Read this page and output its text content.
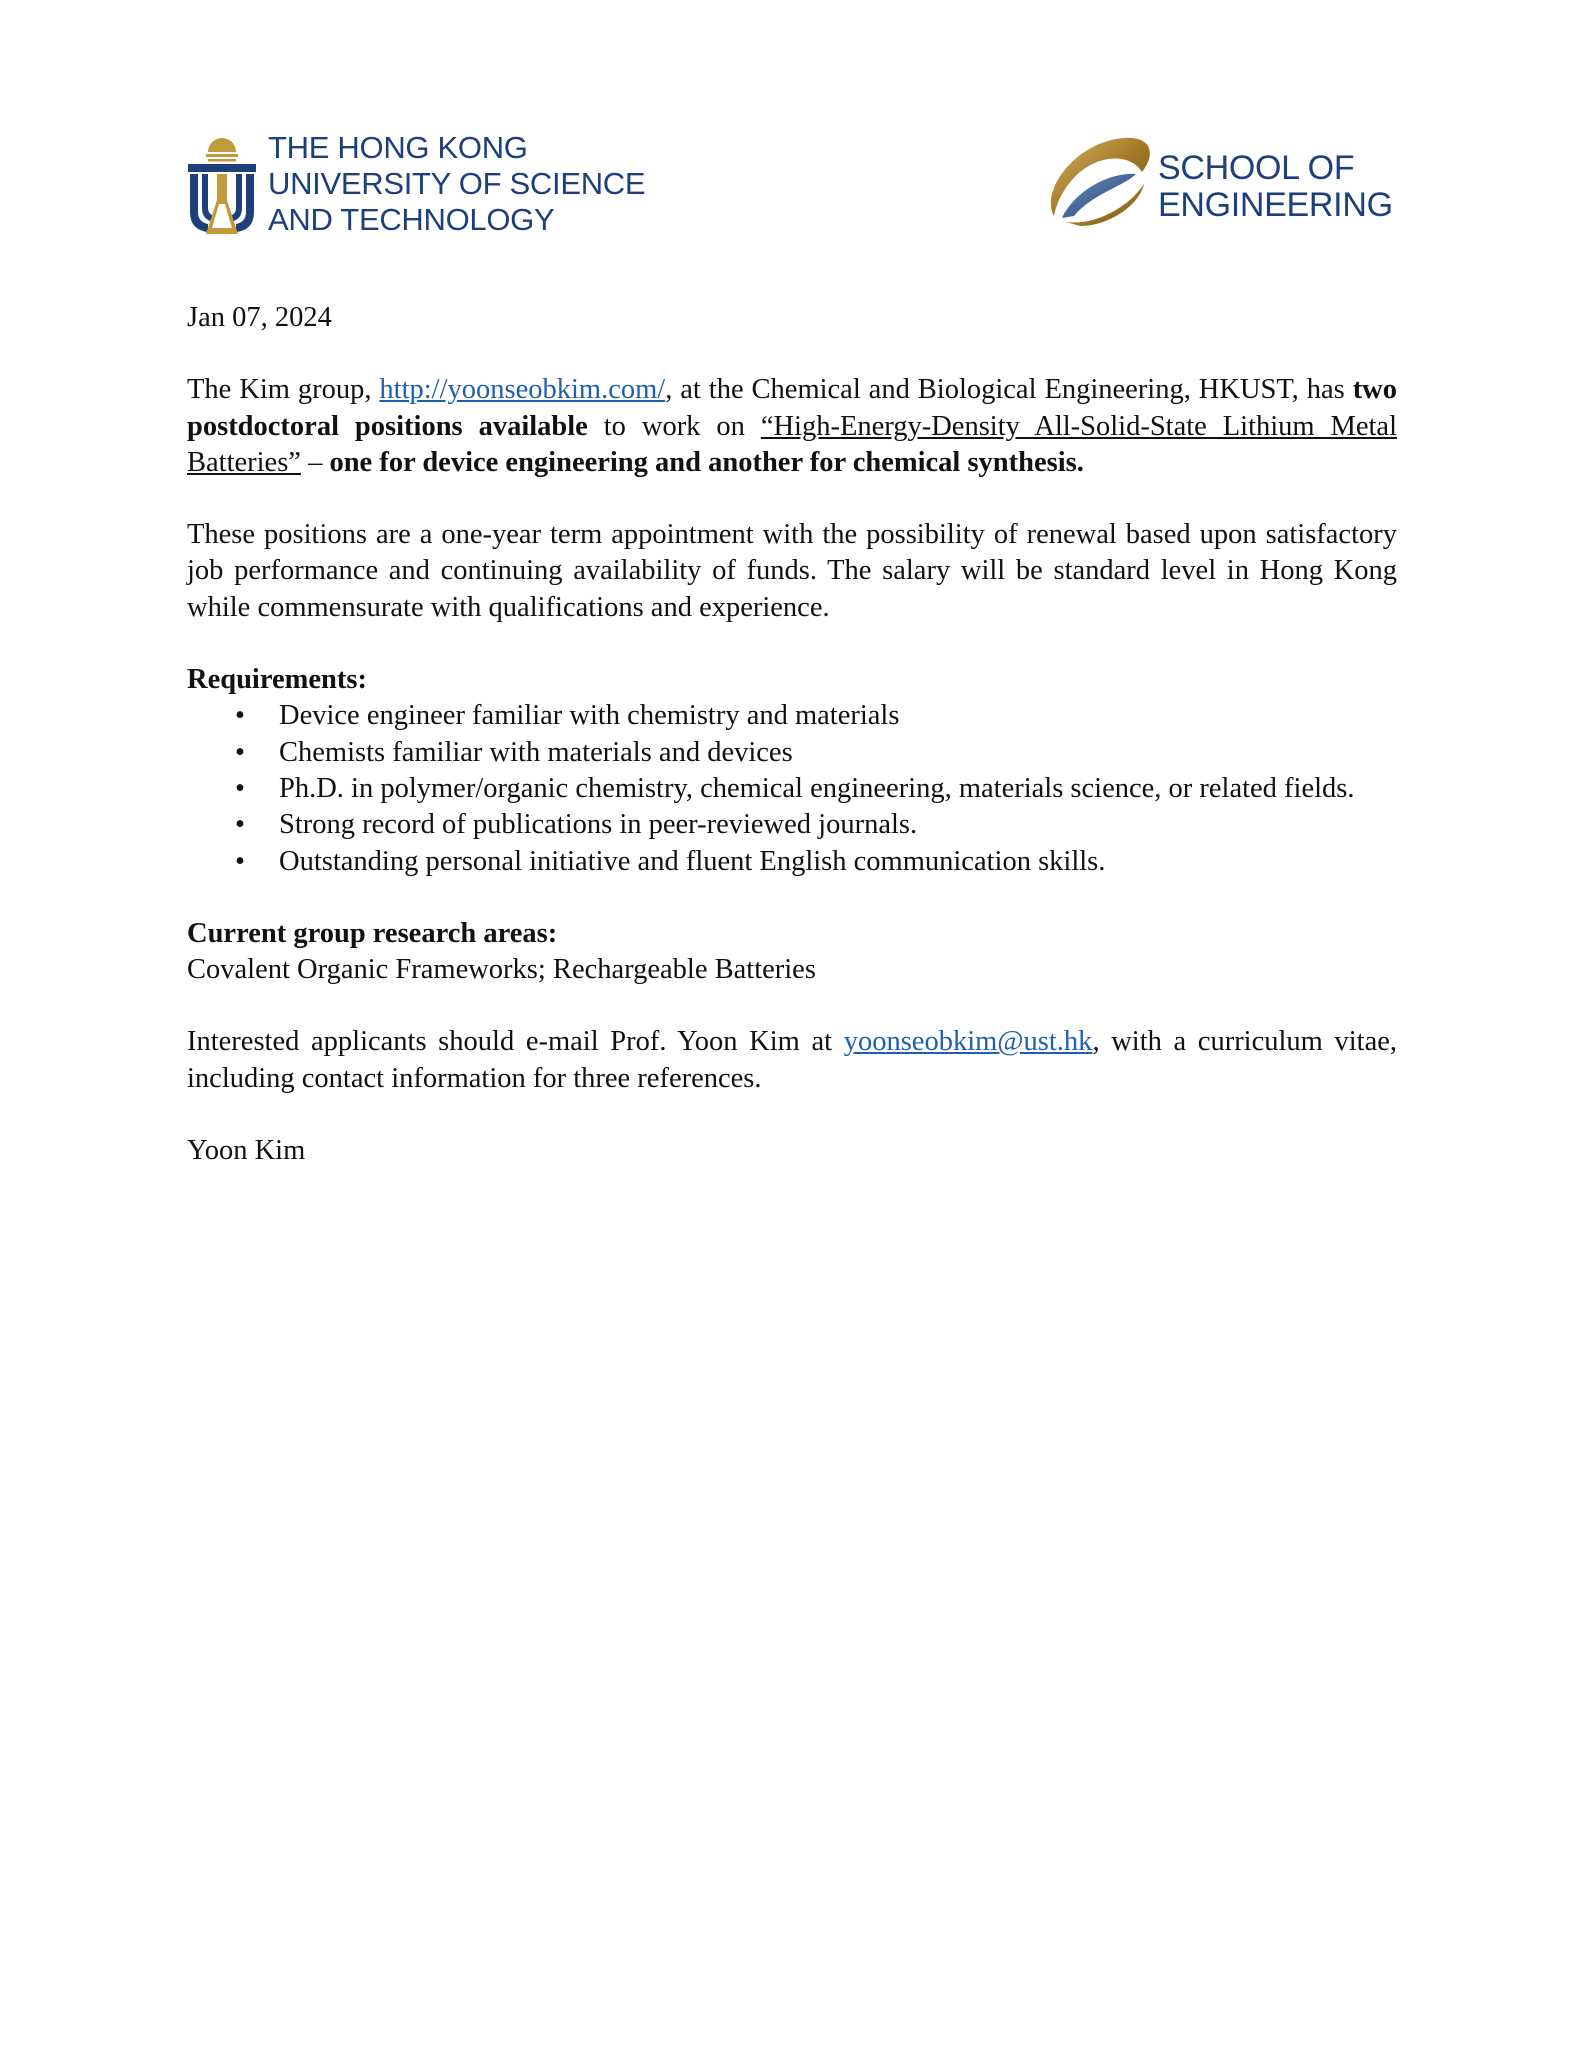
THE HONG KONG
UNIVERSITY OF SCIENCE
AND TECHNOLOGY
SCHOOL OF
ENGINEERING

Jan 07, 2024

The Kim group, http://yoonseobkim.com/, at the Chemical and Biological Engineering, HKUST, has two postdoctoral positions available to work on “High-Energy-Density All-Solid-State Lithium Metal Batteries” – one for device engineering and another for chemical synthesis.

These positions are a one-year term appointment with the possibility of renewal based upon satisfactory job performance and continuing availability of funds. The salary will be standard level in Hong Kong while commensurate with qualifications and experience.

Requirements:

• Device engineer familiar with chemistry and materials
• Chemists familiar with materials and devices
• Ph.D. in polymer/organic chemistry, chemical engineering, materials science, or related fields.
• Strong record of publications in peer-reviewed journals.
• Outstanding personal initiative and fluent English communication skills.

Current group research areas:

Covalent Organic Frameworks; Rechargeable Batteries

Interested applicants should e-mail Prof. Yoon Kim at yoonseobkim@ust.hk, with a curriculum vitae, including contact information for three references.

Yoon Kim
